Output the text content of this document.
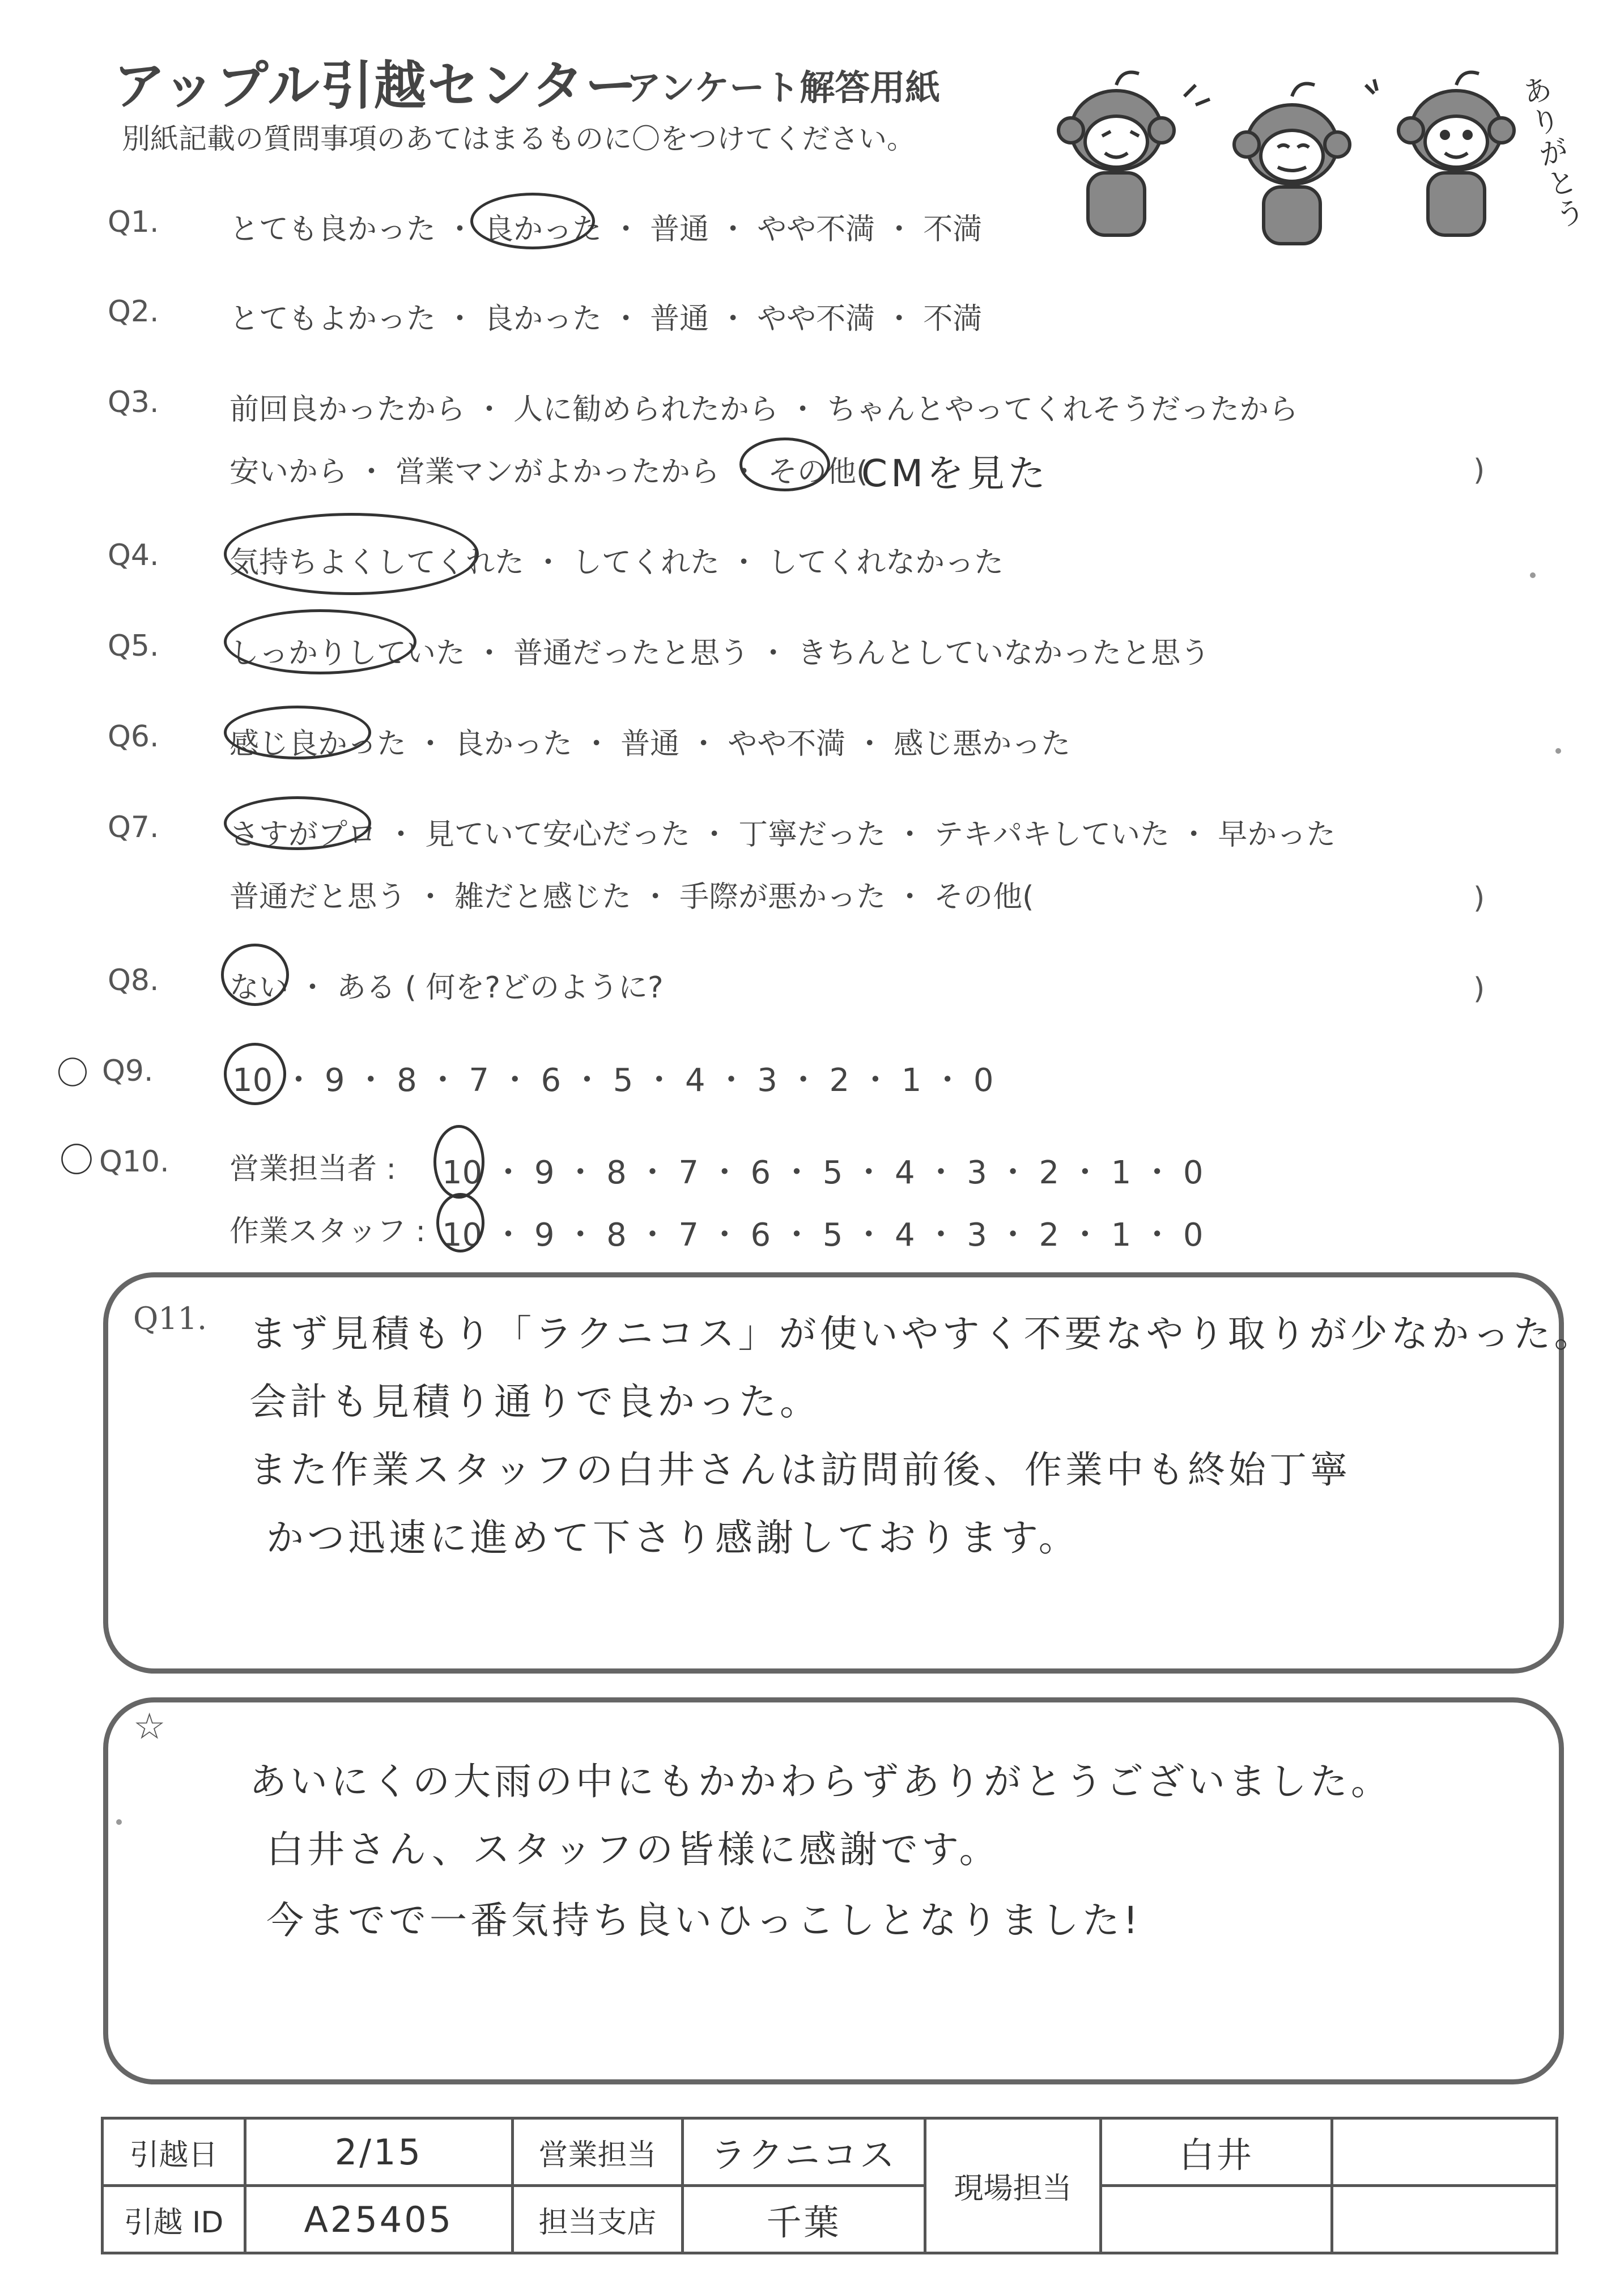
アップル引越センター
アンケート解答用紙
別紙記載の質問事項のあてはまるものに〇をつけてください。	ありがとう
Q1. とても良かった ・ 良かった ・ 普通 ・ やや不満 ・ 不満
Q2. とてもよかった ・ 良かった ・ 普通 ・ やや不満 ・ 不満
Q3. 前回良かったから ・ 人に勧められたから ・ ちゃんとやってくれそうだったから
安いから ・ 営業マンがよかったから ・ その他(
CMを見た	)
Q4. 気持ちよくしてくれた ・ してくれた ・ してくれなかった
Q5. しっかりしていた ・ 普通だったと思う ・ きちんとしていなかったと思う
Q6. 感じ良かった ・ 良かった ・ 普通 ・ やや不満 ・ 感じ悪かった
Q7. さすがプロ ・ 見ていて安心だった ・ 丁寧だった ・ テキパキしていた ・ 早かった
普通だと思う ・ 雑だと感じた ・ 手際が悪かった ・ その他(	)
Q8. ない ・ ある ( 何を?どのように?	)
〇 Q9. 10 ・ 9 ・ 8 ・ 7 ・ 6 ・ 5 ・ 4 ・ 3 ・ 2 ・ 1 ・ 0
〇 Q10. 営業担当者 : 10 ・ 9 ・ 8 ・ 7 ・ 6 ・ 5 ・ 4 ・ 3 ・ 2 ・ 1 ・ 0
作業スタッフ : 10 ・ 9 ・ 8 ・ 7 ・ 6 ・ 5 ・ 4 ・ 3 ・ 2 ・ 1 ・ 0
Q11. まず見積もり「ラクニコス」が使いやすく不要なやり取りが少なかった。
会計も見積り通りで良かった。
また作業スタッフの白井さんは訪問前後、作業中も終始丁寧
かつ迅速に進めて下さり感謝しております。
☆
あいにくの大雨の中にもかかわらずありがとうございました。
白井さん、スタッフの皆様に感謝です。
今までで一番気持ち良いひっこしとなりました!
引越日	2/15	営業担当	ラクニコス	現場担当	白井	
引越 ID	A25405	担当支店	千葉			
